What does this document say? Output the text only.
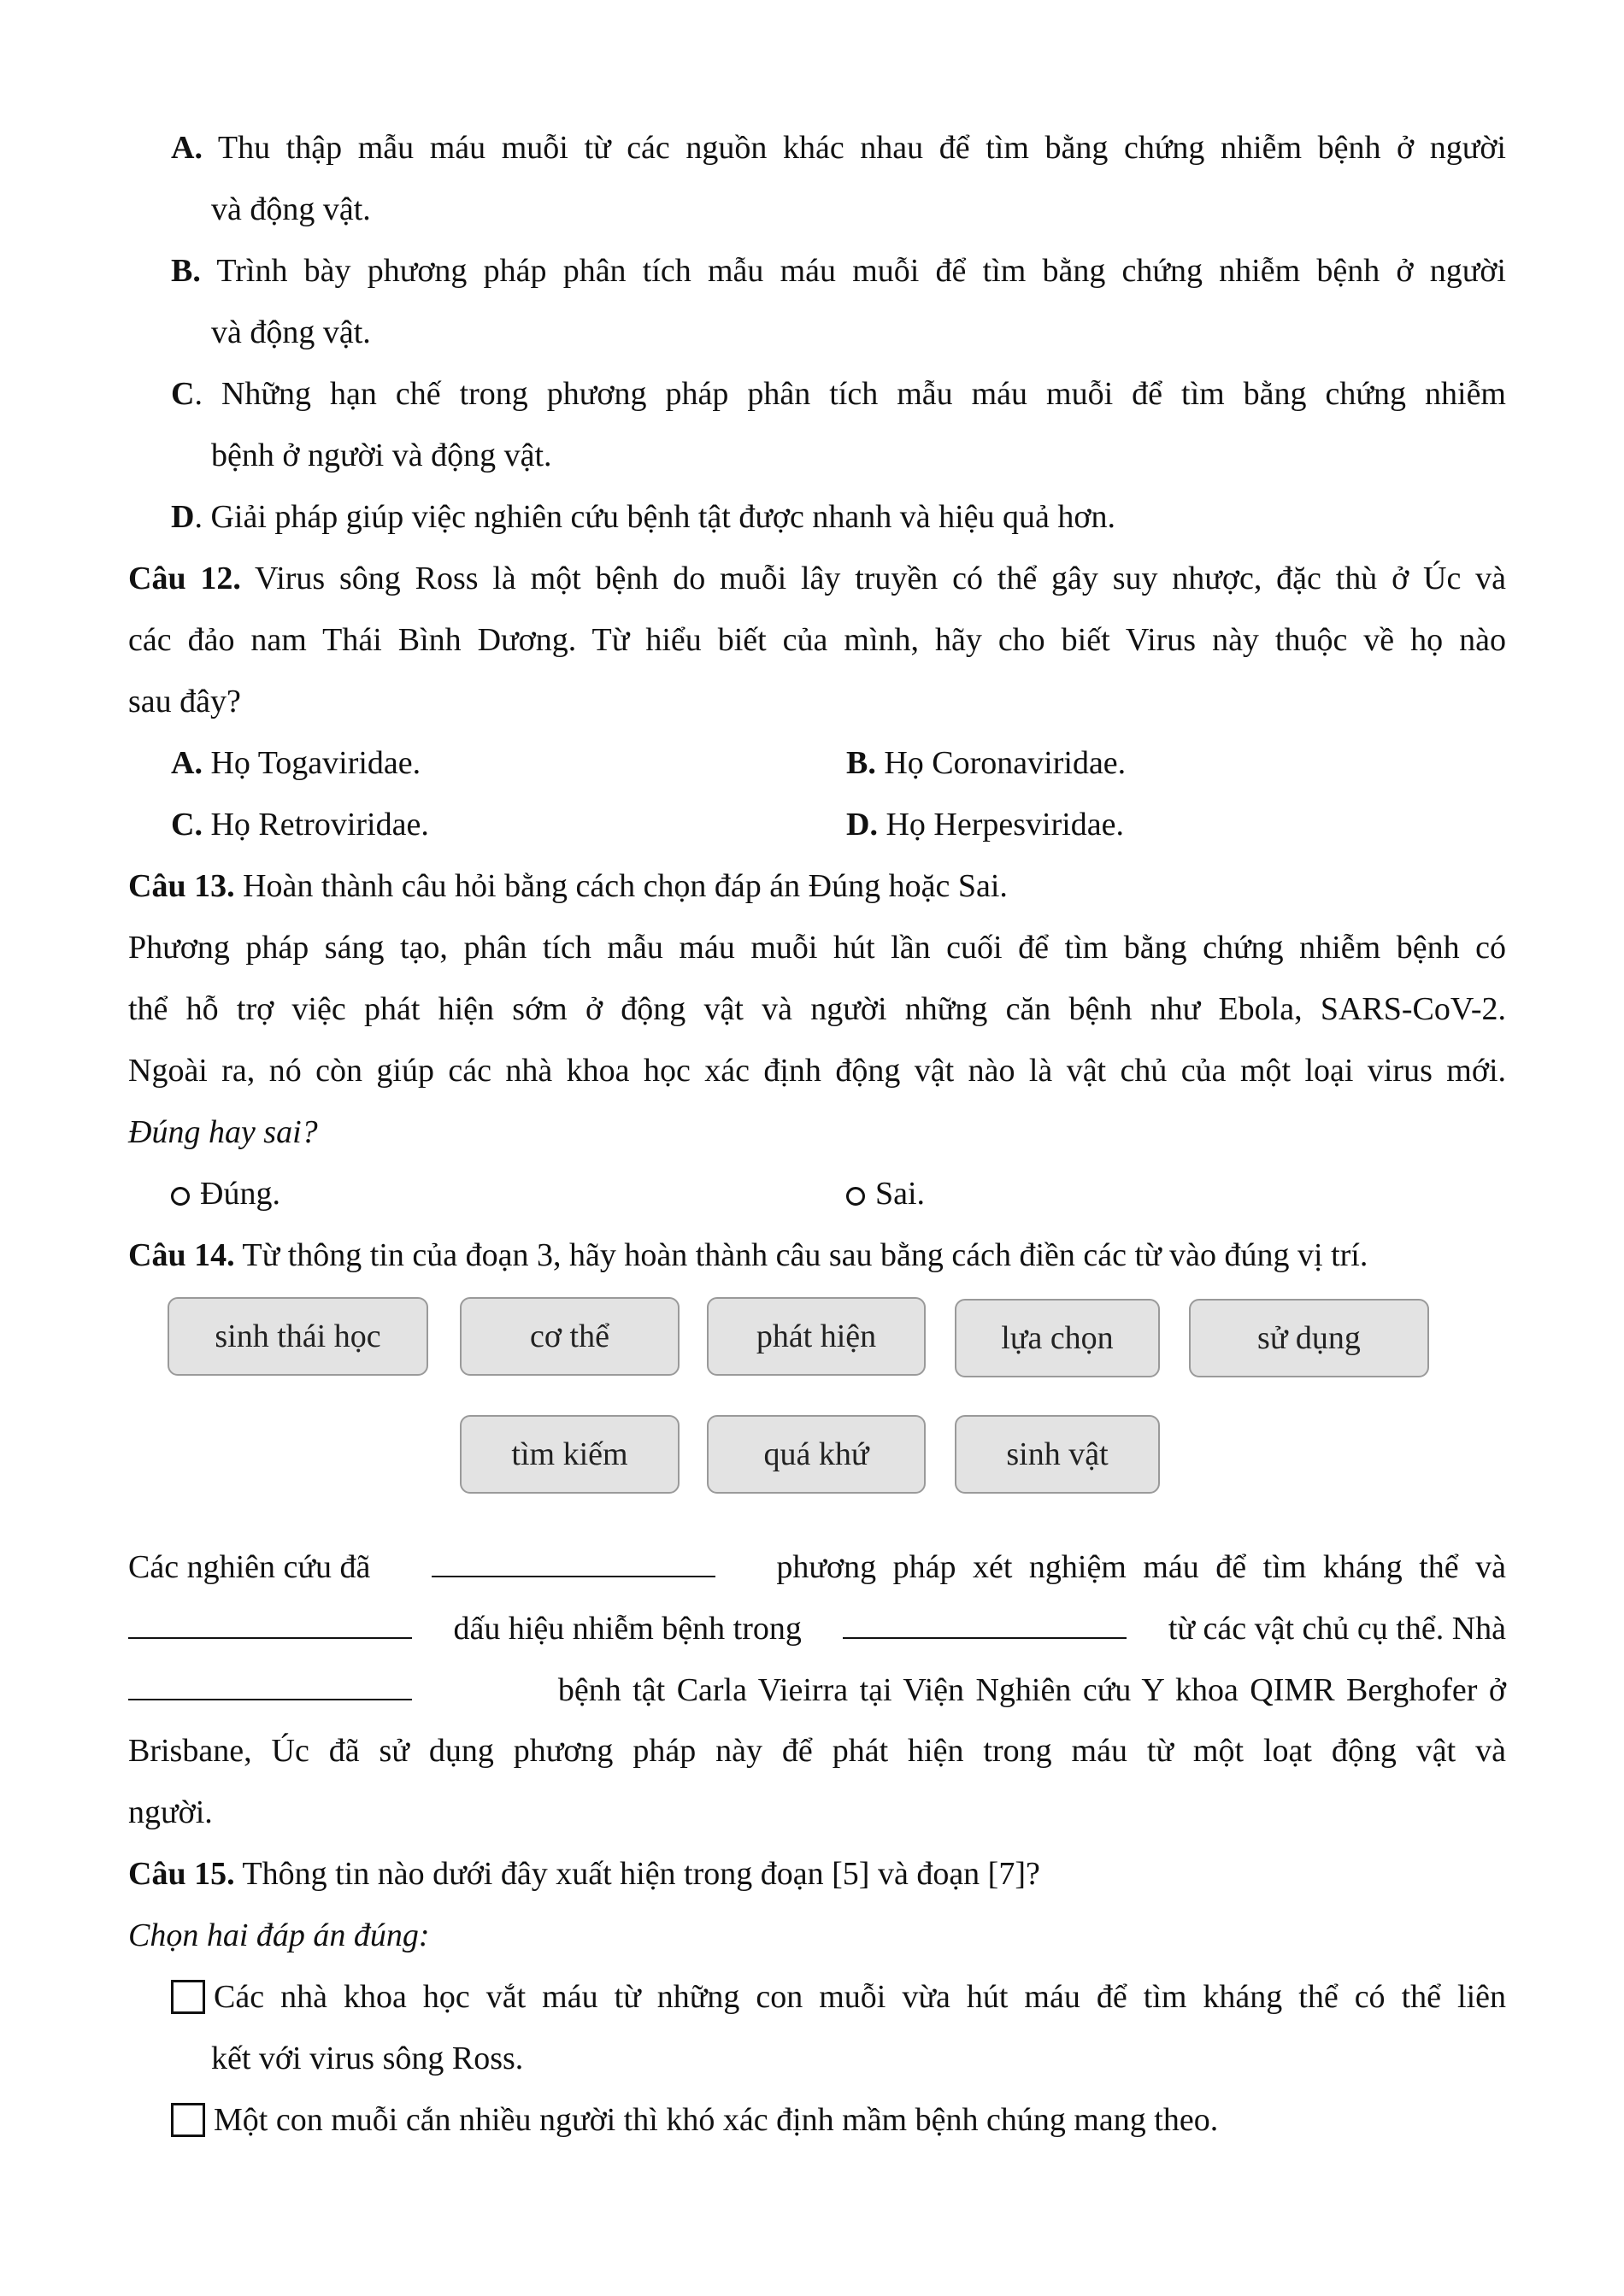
A. Thu thập mẫu máu muỗi từ các nguồn khác nhau để tìm bằng chứng nhiễm bệnh ở người
và động vật.
B. Trình bày phương pháp phân tích mẫu máu muỗi để tìm bằng chứng nhiễm bệnh ở người
và động vật.
C. Những hạn chế trong phương pháp phân tích mẫu máu muỗi để tìm bằng chứng nhiễm
bệnh ở người và động vật.
D. Giải pháp giúp việc nghiên cứu bệnh tật được nhanh và hiệu quả hơn.
Câu 12. Virus sông Ross là một bệnh do muỗi lây truyền có thể gây suy nhược, đặc thù ở Úc và
các đảo nam Thái Bình Dương. Từ hiểu biết của mình, hãy cho biết Virus này thuộc về họ nào
sau đây?
A. Họ Togaviridae.	B. Họ Coronaviridae.
C. Họ Retroviridae.	D. Họ Herpesviridae.
Câu 13. Hoàn thành câu hỏi bằng cách chọn đáp án Đúng hoặc Sai.
Phương pháp sáng tạo, phân tích mẫu máu muỗi hút lần cuối để tìm bằng chứng nhiễm bệnh có
thể hỗ trợ việc phát hiện sớm ở động vật và người những căn bệnh như Ebola, SARS-CoV-2.
Ngoài ra, nó còn giúp các nhà khoa học xác định động vật nào là vật chủ của một loại virus mới.
Đúng hay sai?
Đúng.	Sai.
Câu 14. Từ thông tin của đoạn 3, hãy hoàn thành câu sau bằng cách điền các từ vào đúng vị trí.
sinh thái học	cơ thể	phát hiện	lựa chọn	sử dụng
tìm kiếm	quá khứ	sinh vật
Các nghiên cứu đã	phương pháp xét nghiệm máu để tìm kháng thể và
dấu hiệu nhiễm bệnh trong	từ các vật chủ cụ thể. Nhà
bệnh tật Carla Vieirra tại Viện Nghiên cứu Y khoa QIMR Berghofer ở
Brisbane, Úc đã sử dụng phương pháp này để phát hiện trong máu từ một loạt động vật và
người.
Câu 15. Thông tin nào dưới đây xuất hiện trong đoạn [5] và đoạn [7]?
Chọn hai đáp án đúng:
Các nhà khoa học vắt máu từ những con muỗi vừa hút máu để tìm kháng thể có thể liên
kết với virus sông Ross.
Một con muỗi cắn nhiều người thì khó xác định mầm bệnh chúng mang theo.
